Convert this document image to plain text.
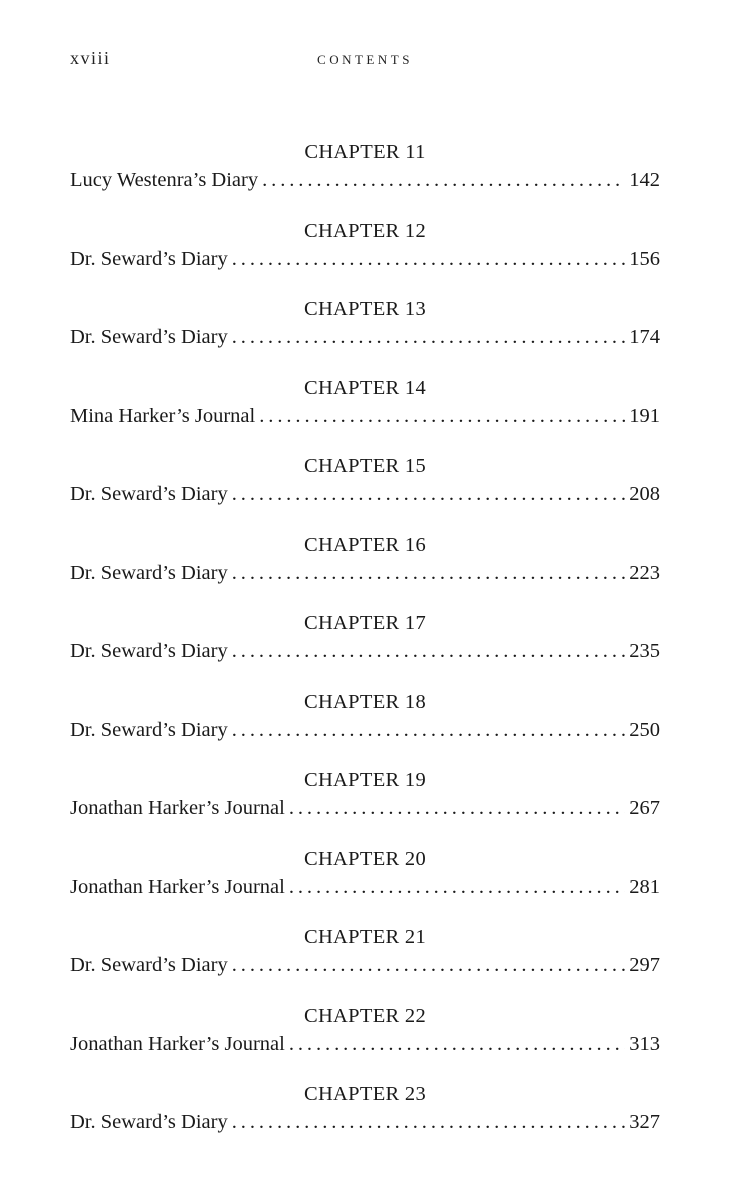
xviii	CONTENTS
CHAPTER 11
Lucy Westenra’s Diary . . .	142
CHAPTER 12
Dr. Seward’s Diary . . .	156
CHAPTER 13
Dr. Seward’s Diary . . .	174
CHAPTER 14
Mina Harker’s Journal . . .	191
CHAPTER 15
Dr. Seward’s Diary . . .	208
CHAPTER 16
Dr. Seward’s Diary . . .	223
CHAPTER 17
Dr. Seward’s Diary . . .	235
CHAPTER 18
Dr. Seward’s Diary . . .	250
CHAPTER 19
Jonathan Harker’s Journal . . .	267
CHAPTER 20
Jonathan Harker’s Journal . . .	281
CHAPTER 21
Dr. Seward’s Diary . . .	297
CHAPTER 22
Jonathan Harker’s Journal . . .	313
CHAPTER 23
Dr. Seward’s Diary . . .	327
